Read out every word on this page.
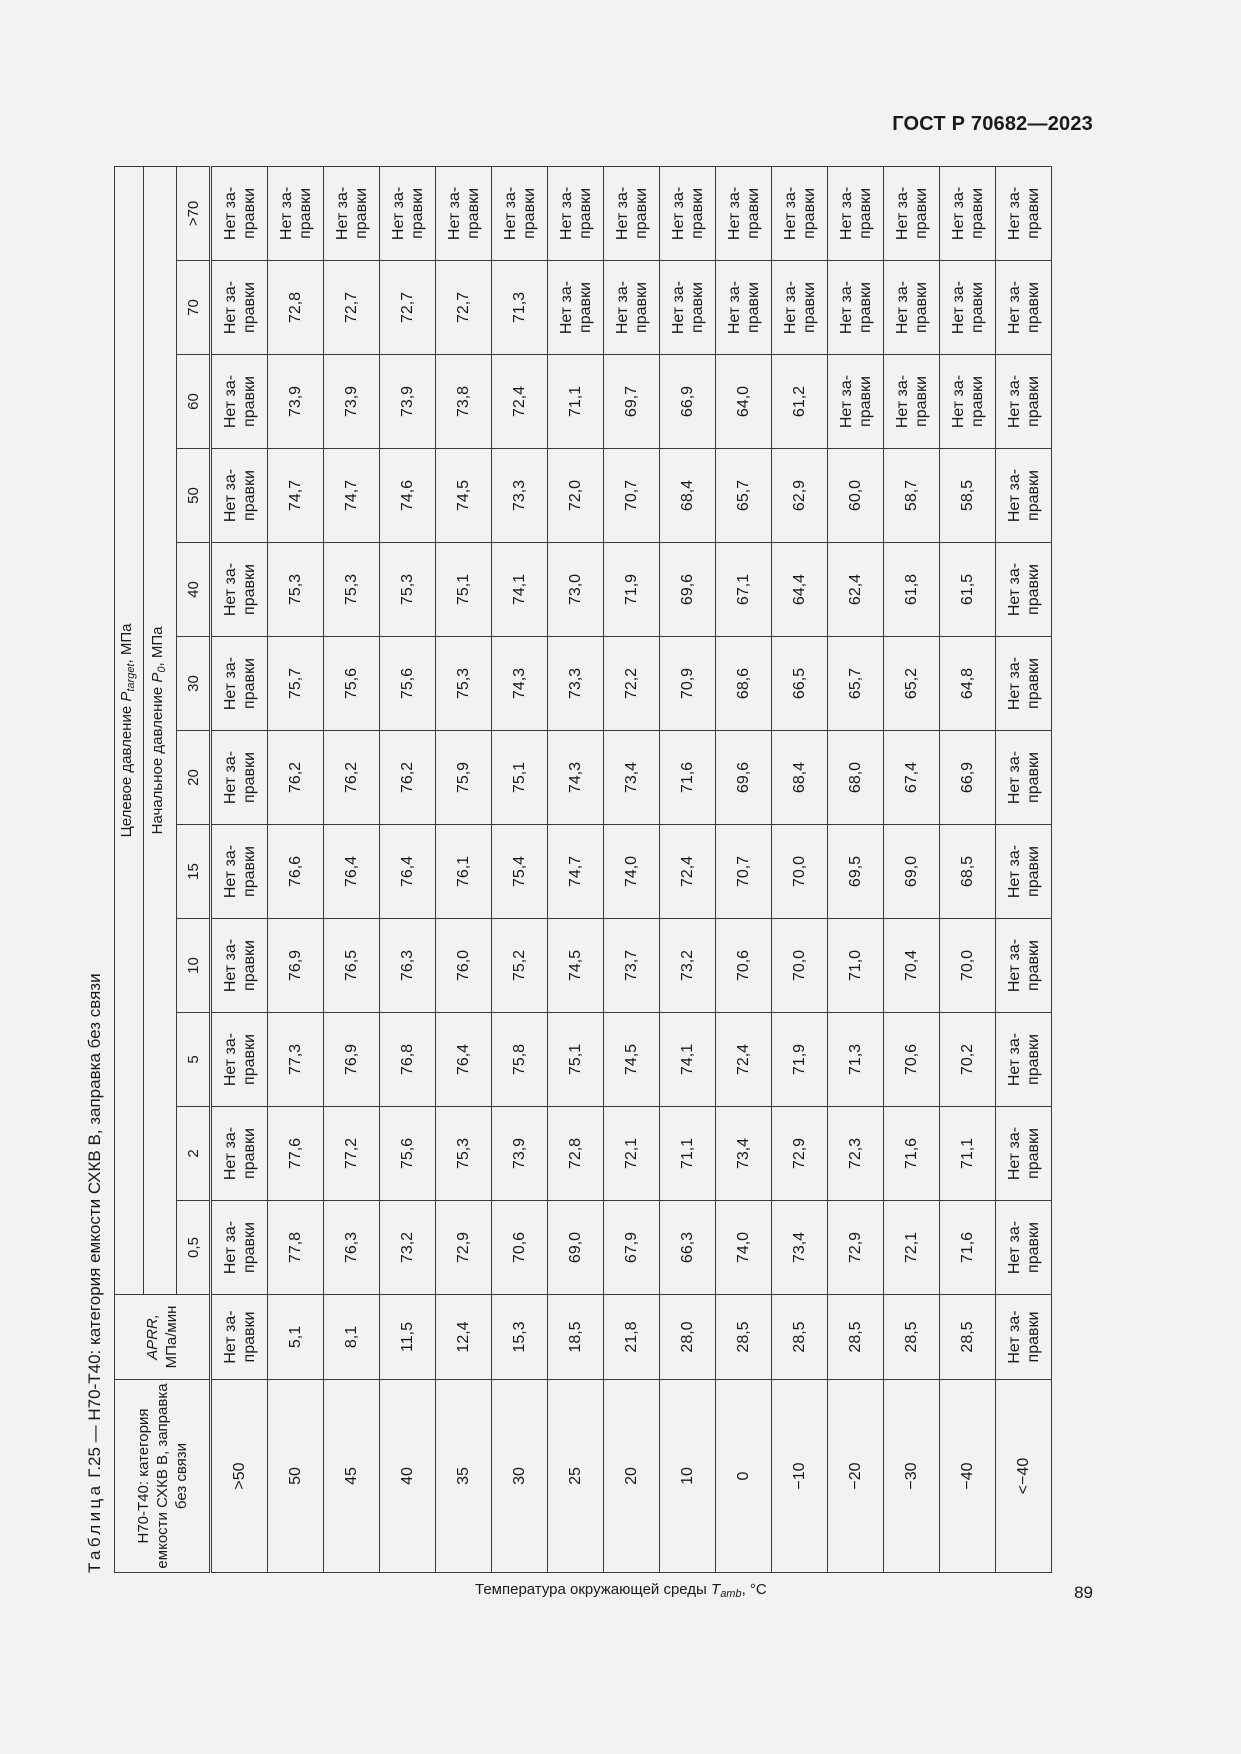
ГОСТ Р 70682—2023
Таблица Г.25 — H70-T40: категория емкости СХКВ В, заправка без связи	H70-T40: категория емкости СХКВ В, заправка без связи	APRR, МПа/мин	Целевое давление $P_{target}$, МПа											
		Начальное давление $P_0$, МПа											
		0,5	2	5	10	15	20	30	40	50	60	70	>70
>50	Нет за-правки	Нет за-правки	Нет за-правки	Нет за-правки	Нет за-правки	Нет за-правки	Нет за-правки	Нет за-правки	Нет за-правки	Нет за-правки	Нет за-правки	Нет за-правки	Нет за-правки
50	5,1	77,8	77,6	77,3	76,9	76,6	76,2	75,7	75,3	74,7	73,9	72,8	Нет за-правки
45	8,1	76,3	77,2	76,9	76,5	76,4	76,2	75,6	75,3	74,7	73,9	72,7	Нет за-правки
40	11,5	73,2	75,6	76,8	76,3	76,4	76,2	75,6	75,3	74,6	73,9	72,7	Нет за-правки
35	12,4	72,9	75,3	76,4	76,0	76,1	75,9	75,3	75,1	74,5	73,8	72,7	Нет за-правки
30	15,3	70,6	73,9	75,8	75,2	75,4	75,1	74,3	74,1	73,3	72,4	71,3	Нет за-правки
25	18,5	69,0	72,8	75,1	74,5	74,7	74,3	73,3	73,0	72,0	71,1	Нет за-правки	Нет за-правки
20	21,8	67,9	72,1	74,5	73,7	74,0	73,4	72,2	71,9	70,7	69,7	Нет за-правки	Нет за-правки
10	28,0	66,3	71,1	74,1	73,2	72,4	71,6	70,9	69,6	68,4	66,9	Нет за-правки	Нет за-правки
0	28,5	74,0	73,4	72,4	70,6	70,7	69,6	68,6	67,1	65,7	64,0	Нет за-правки	Нет за-правки
−10	28,5	73,4	72,9	71,9	70,0	70,0	68,4	66,5	64,4	62,9	61,2	Нет за-правки	Нет за-правки
−20	28,5	72,9	72,3	71,3	71,0	69,5	68,0	65,7	62,4	60,0	Нет за-правки	Нет за-правки	Нет за-правки
−30	28,5	72,1	71,6	70,6	70,4	69,0	67,4	65,2	61,8	58,7	Нет за-правки	Нет за-правки	Нет за-правки
−40	28,5	71,6	71,1	70,2	70,0	68,5	66,9	64,8	61,5	58,5	Нет за-правки	Нет за-правки	Нет за-правки
<−40	Нет за-правки	Нет за-правки	Нет за-правки	Нет за-правки	Нет за-правки	Нет за-правки	Нет за-правки	Нет за-правки	Нет за-правки	Нет за-правки	Нет за-правки	Нет за-правки	Нет за-правки
Температура окружающей среды $T_{amb}$, °С	89
